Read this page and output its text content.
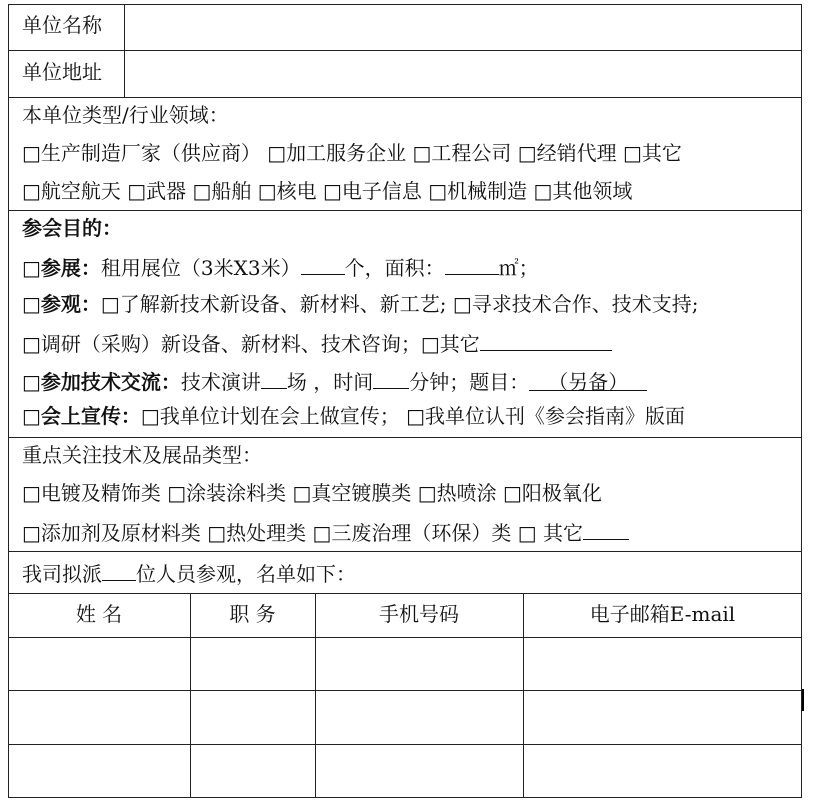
单位名称
单位地址
本单位类型/行业领域：
□生产制造厂家（供应商） □加工服务企业 □工程公司 □经销代理 □其它
□航空航天 □武器 □船舶 □核电 □电子信息 □机械制造 □其他领域
参会目的：
□参展：租用展位（3米X3米） 个，面积：	㎡；
□参观：□了解新技术新设备、新材料、新工艺; □寻求技术合作、技术支持;
□调研（采购）新设备、新材料、技术咨询；□其它
□参加技术交流：技术演讲 场 ，时间 分钟；题目： （另备）
□会上宣传：□我单位计划在会上做宣传； □我单位认刊《参会指南》版面
重点关注技术及展品类型：
□电镀及精饰类 □涂装涂料类 □真空镀膜类 □热喷涂 □阳极氧化
□添加剂及原材料类 □热处理类 □三废治理（环保）类 □ 其它
我司拟派 位人员参观，名单如下：
姓 名	职 务	手机号码	电子邮箱E-mail
